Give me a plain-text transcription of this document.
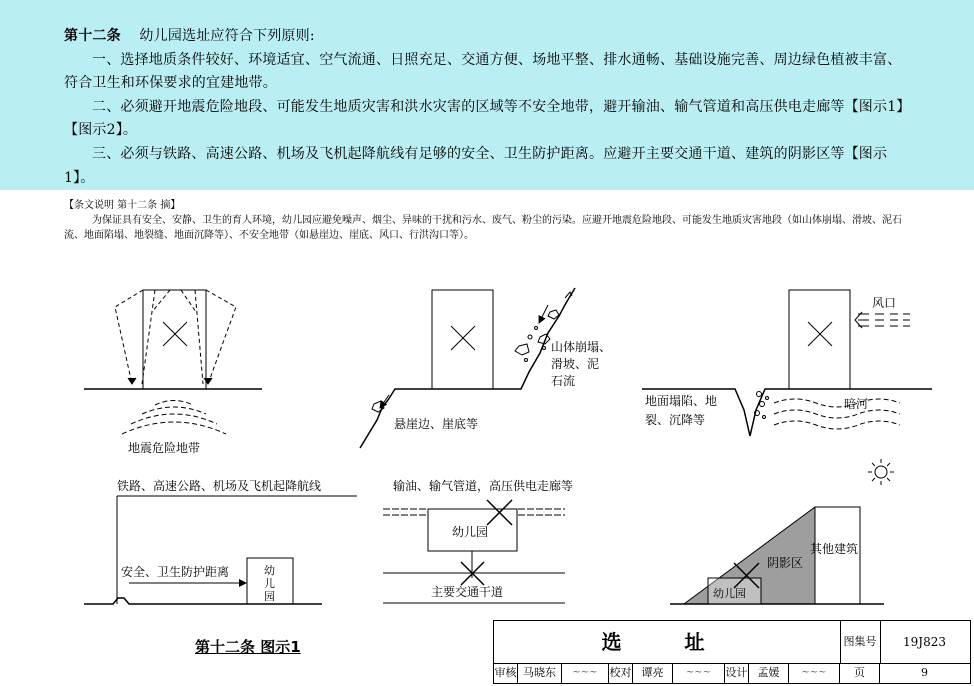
第十二条 幼儿园选址应符合下列原则:

一、选择地质条件较好、环境适宜、空气流通、日照充足、交通方便、场地平整、排水通畅、基础设施完善、周边绿色植被丰富、符合卫生和环保要求的宜建地带。

二、必须避开地震危险地段、可能发生地质灾害和洪水灾害的区域等不安全地带，避开输油、输气管道和高压供电走廊等【图示1】【图示2】。

三、必须与铁路、高速公路、机场及飞机起降航线有足够的安全、卫生防护距离。应避开主要交通干道、建筑的阴影区等【图示1】。

【条文说明 第十二条 摘】

为保证具有安全、安静、卫生的育人环境，幼儿园应避免噪声、烟尘、异味的干扰和污水、废气、粉尘的污染。应避开地震危险地段、可能发生地质灾害地段（如山体崩塌、滑坡、泥石流、地面陷塌、地裂缝、地面沉降等）、不安全地带（如悬崖边、崖底、风口、行洪沟口等）。

地震危险地带
山体崩塌、
滑坡、泥
石流
悬崖边、崖底等
风口
地面塌陷、地
裂、沉降等
暗河
铁路、高速公路、机场及飞机起降航线
安全、卫生防护距离	幼
儿
园
输油、输气管道，高压供电走廊等
幼儿园
主要交通干道
其他建筑
阴影区
幼儿园
第十二条 图示1	选 址	图集号	19J823
审核 马晓东	~~~	校对 谭亮	~~~	设计 孟媛	~~~	页	9
